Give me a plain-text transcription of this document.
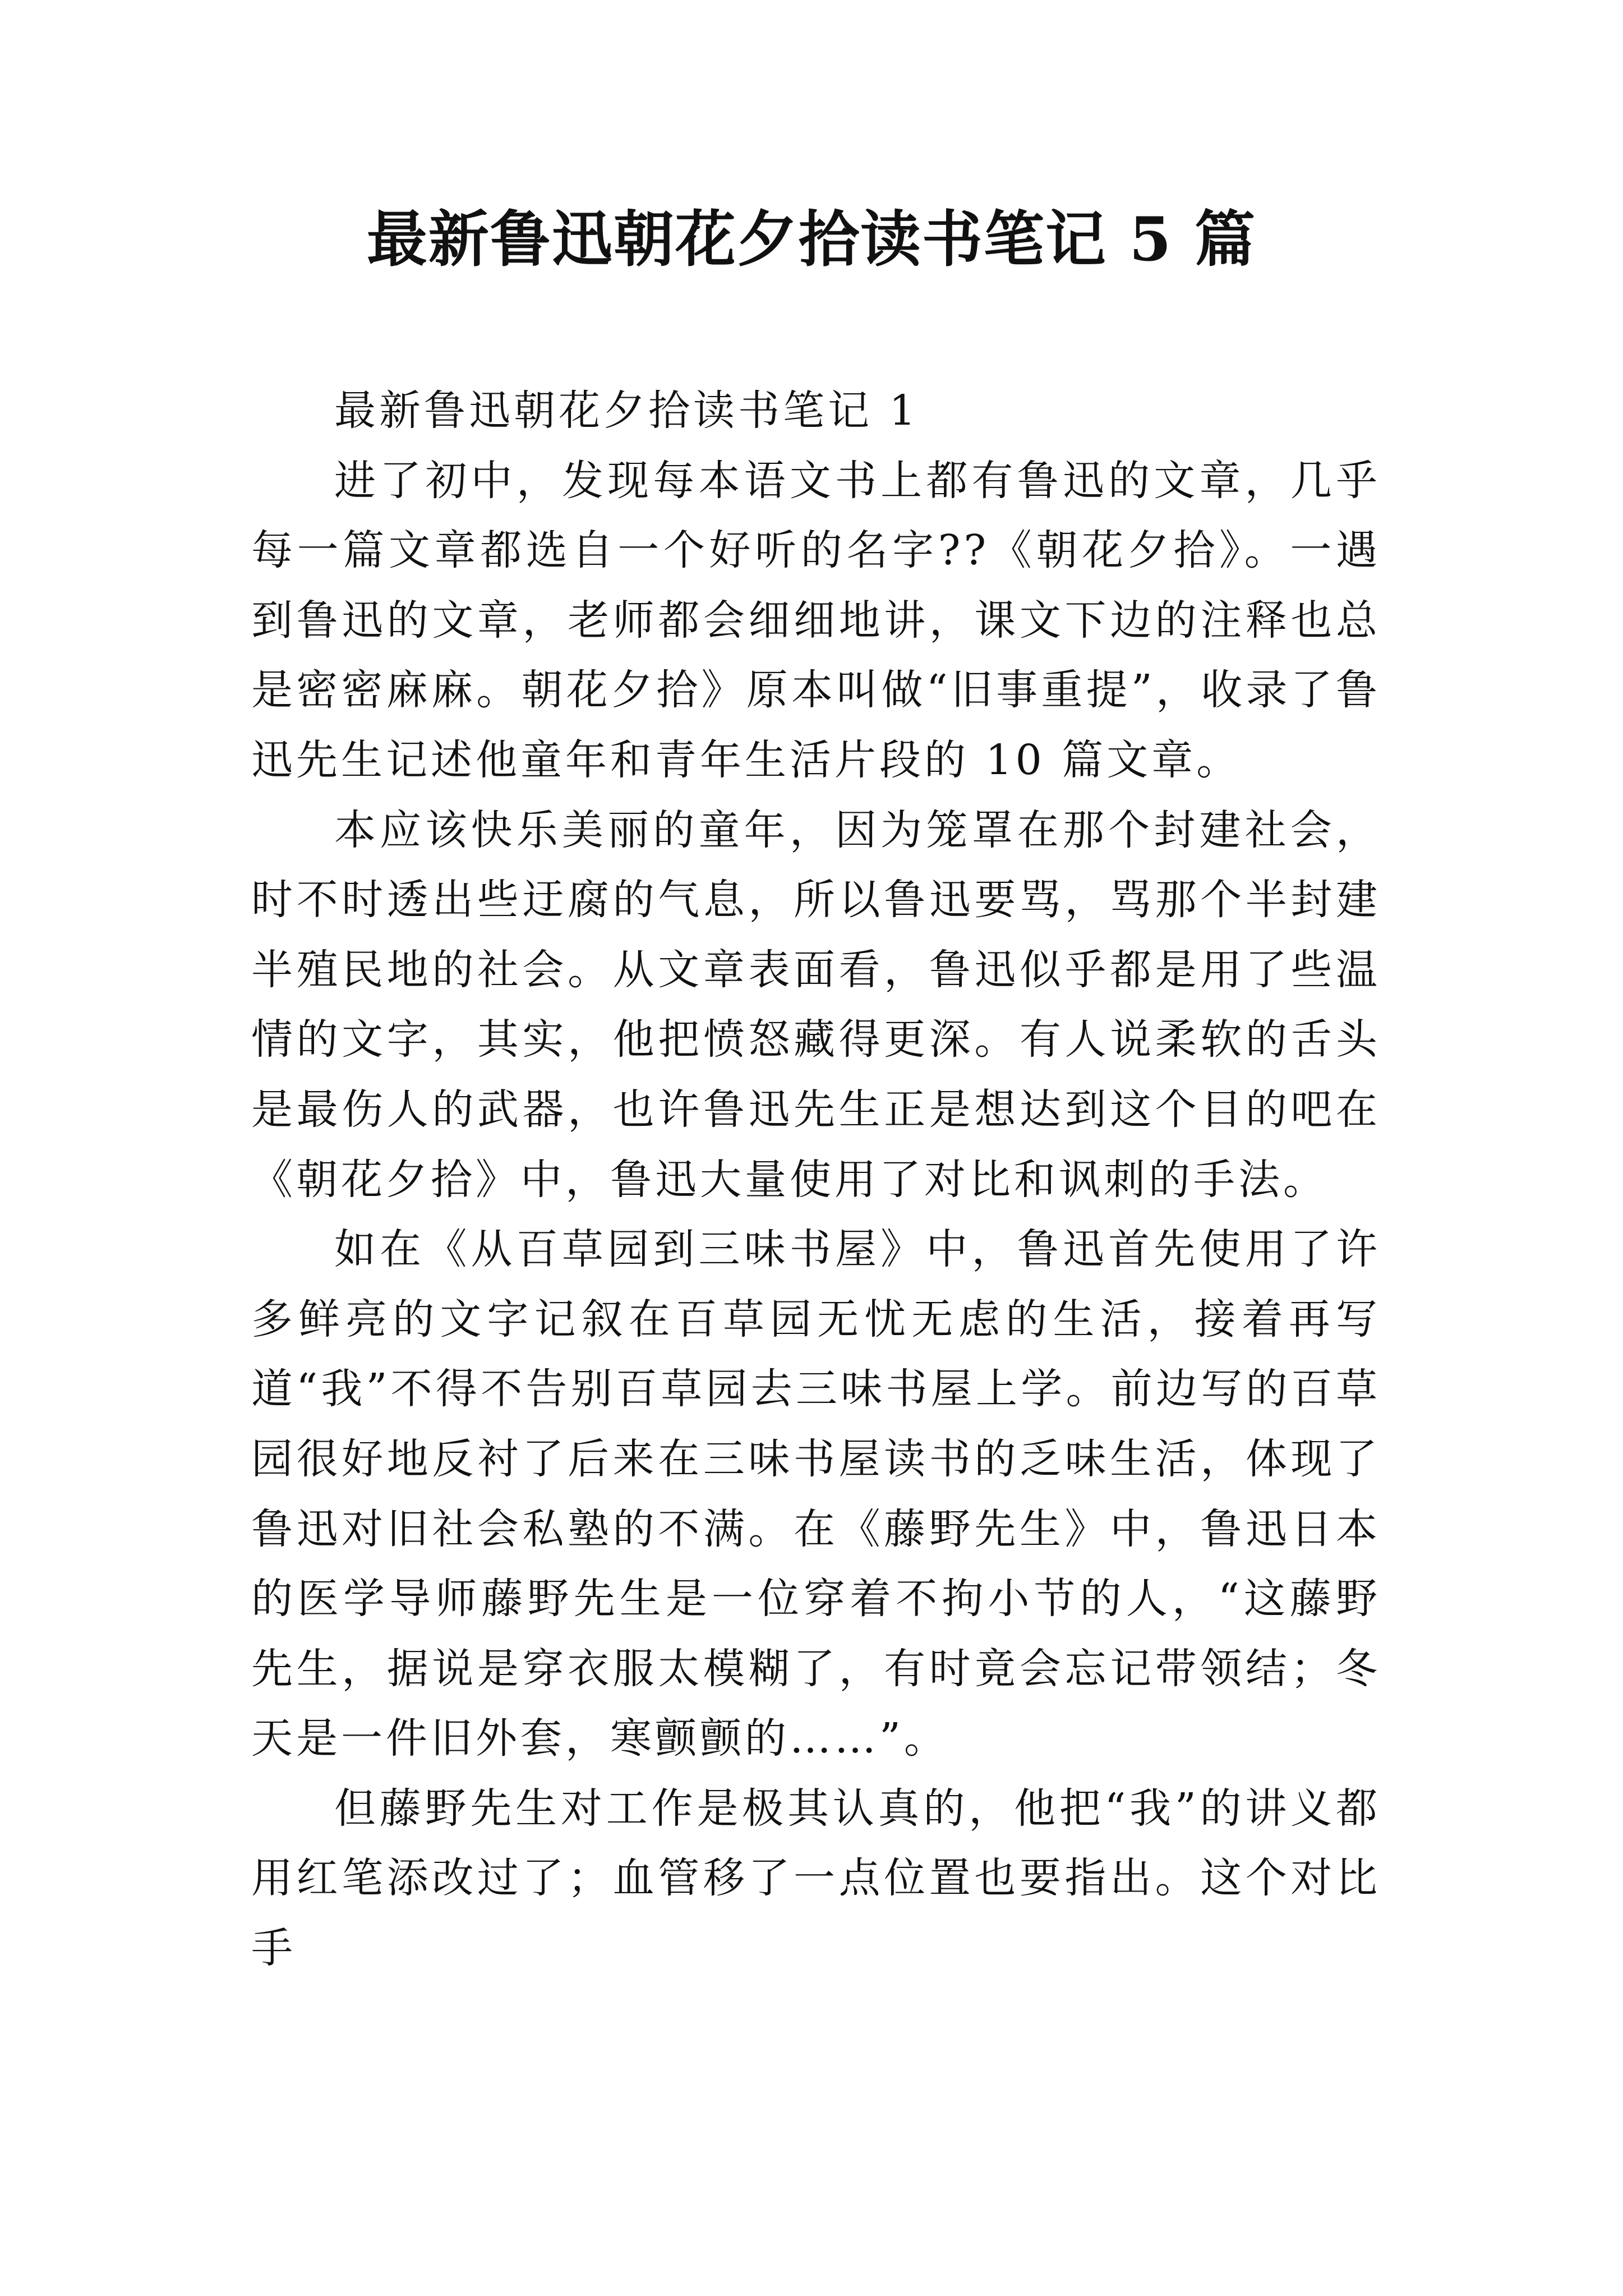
最新鲁迅朝花夕拾读书笔记 5 篇

最新鲁迅朝花夕拾读书笔记 1

进了初中，发现每本语文书上都有鲁迅的文章，几乎每一篇文章都选自一个好听的名字??《朝花夕拾》。一遇到鲁迅的文章，老师都会细细地讲，课文下边的注释也总是密密麻麻。朝花夕拾》原本叫做“旧事重提”，收录了鲁迅先生记述他童年和青年生活片段的 10 篇文章。

本应该快乐美丽的童年，因为笼罩在那个封建社会，时不时透出些迂腐的气息，所以鲁迅要骂，骂那个半封建半殖民地的社会。从文章表面看，鲁迅似乎都是用了些温情的文字，其实，他把愤怒藏得更深。有人说柔软的舌头是最伤人的武器，也许鲁迅先生正是想达到这个目的吧在《朝花夕拾》中，鲁迅大量使用了对比和讽刺的手法。

如在《从百草园到三味书屋》中，鲁迅首先使用了许多鲜亮的文字记叙在百草园无忧无虑的生活，接着再写道“我”不得不告别百草园去三味书屋上学。前边写的百草园很好地反衬了后来在三味书屋读书的乏味生活，体现了鲁迅对旧社会私塾的不满。在《藤野先生》中，鲁迅日本的医学导师藤野先生是一位穿着不拘小节的人，“这藤野先生，据说是穿衣服太模糊了，有时竟会忘记带领结；冬天是一件旧外套，寒颤颤的……”。

但藤野先生对工作是极其认真的，他把“我”的讲义都用红笔添改过了；血管移了一点位置也要指出。这个对比手
